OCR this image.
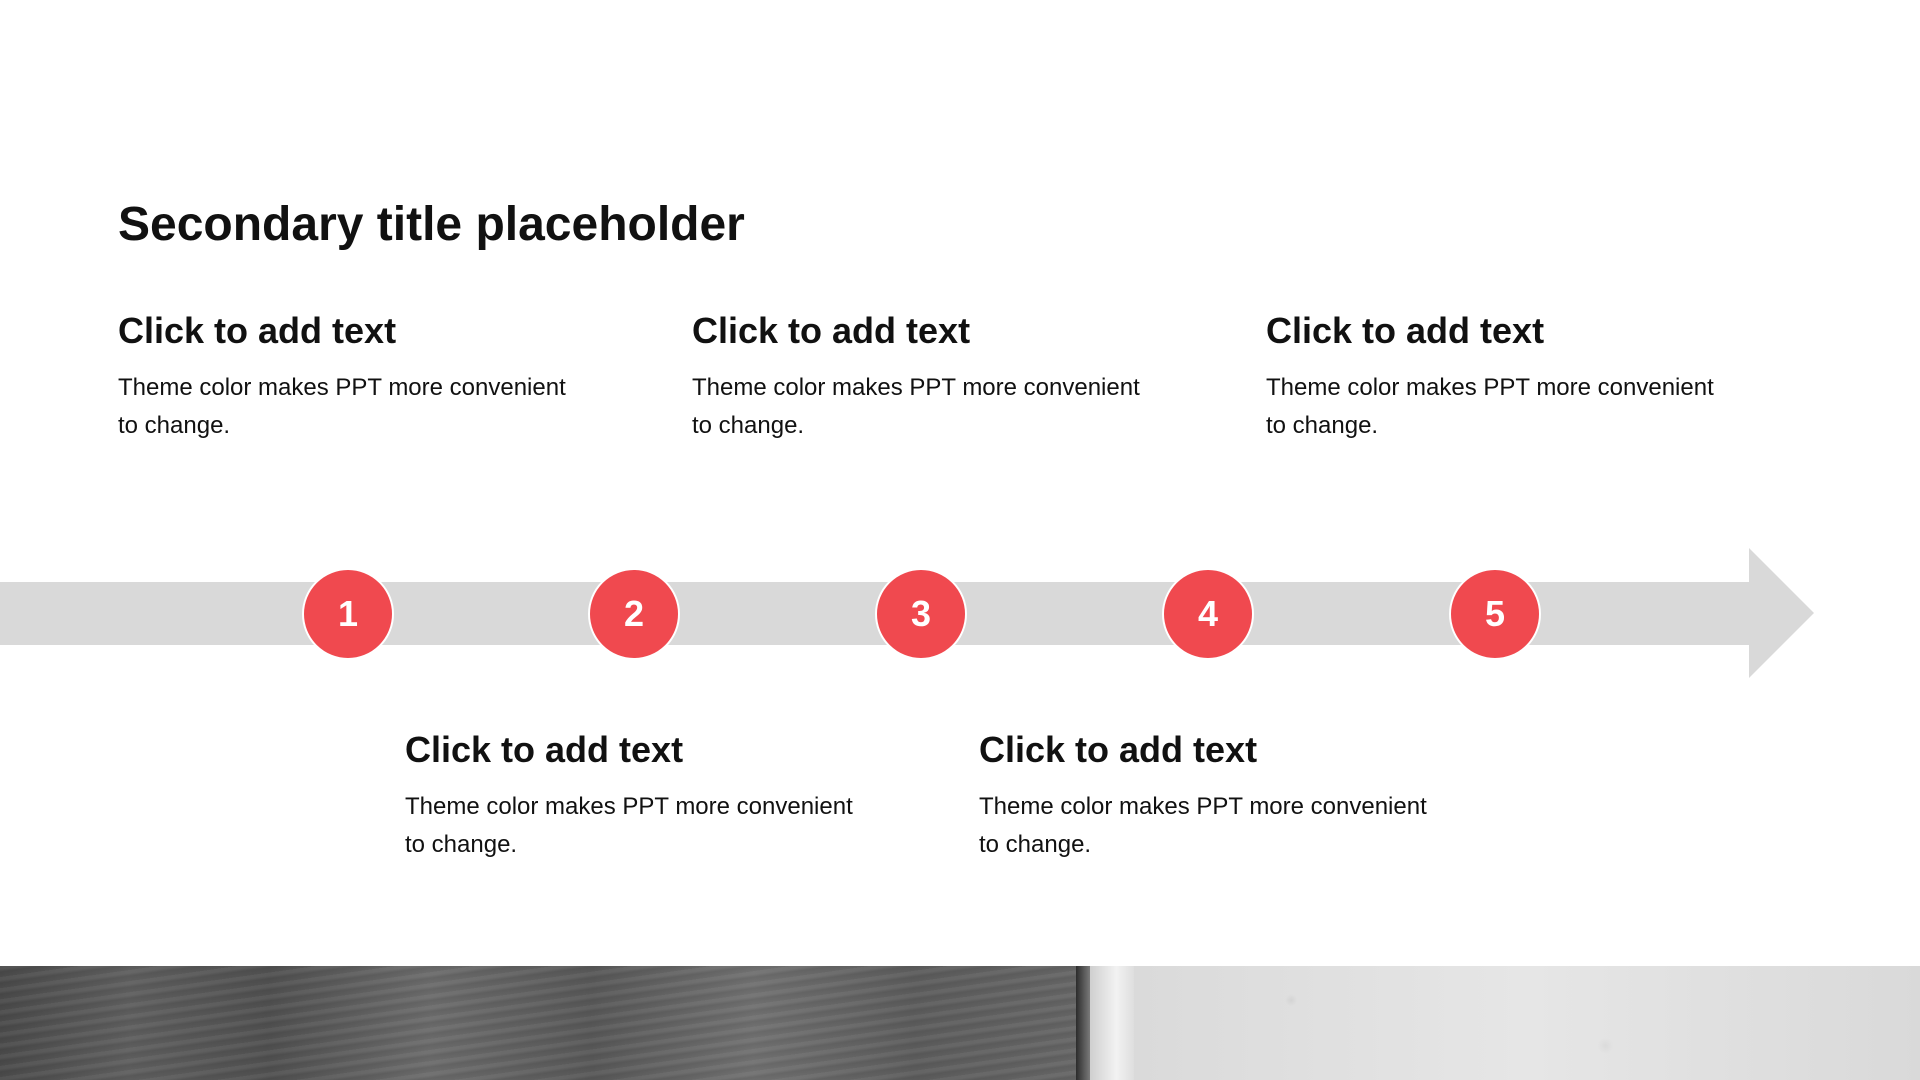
Secondary title placeholder
Click to add text
Theme color makes PPT more convenient to change.
Click to add text
Theme color makes PPT more convenient to change.
Click to add text
Theme color makes PPT more convenient to change.
1	2	3	4	5
Click to add text
Theme color makes PPT more convenient to change.
Click to add text
Theme color makes PPT more convenient to change.
